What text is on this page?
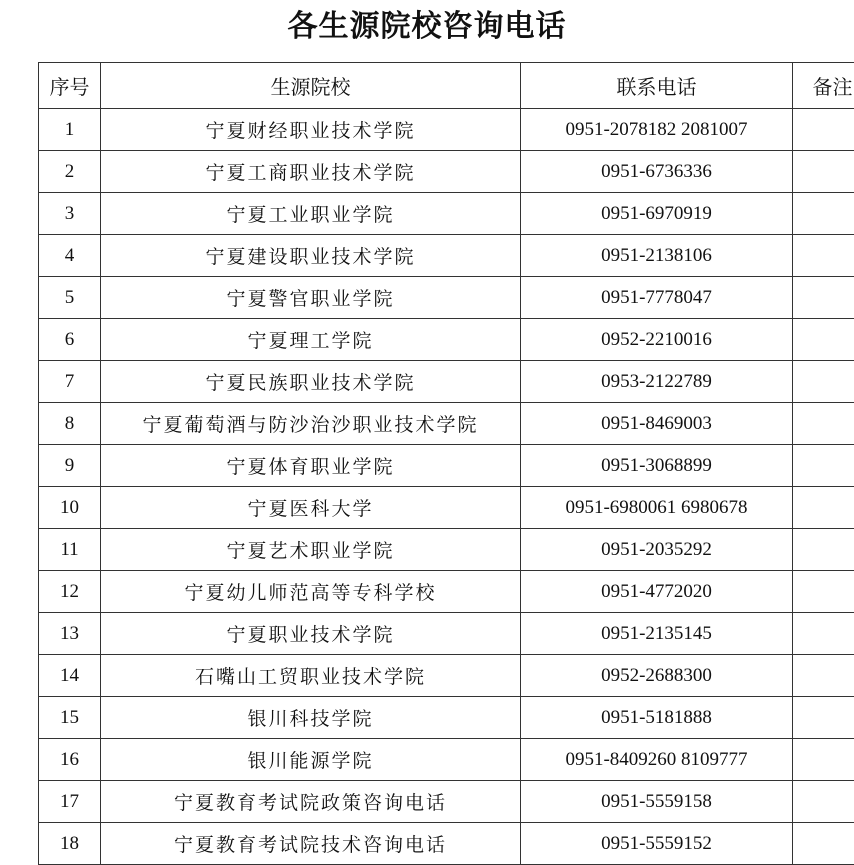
各生源院校咨询电话
序号	生源院校	联系电话	备注
1	宁夏财经职业技术学院	0951-2078182 2081007	
2	宁夏工商职业技术学院	0951-6736336	
3	宁夏工业职业学院	0951-6970919	
4	宁夏建设职业技术学院	0951-2138106	
5	宁夏警官职业学院	0951-7778047	
6	宁夏理工学院	0952-2210016	
7	宁夏民族职业技术学院	0953-2122789	
8	宁夏葡萄酒与防沙治沙职业技术学院	0951-8469003	
9	宁夏体育职业学院	0951-3068899	
10	宁夏医科大学	0951-6980061 6980678	
11	宁夏艺术职业学院	0951-2035292	
12	宁夏幼儿师范高等专科学校	0951-4772020	
13	宁夏职业技术学院	0951-2135145	
14	石嘴山工贸职业技术学院	0952-2688300	
15	银川科技学院	0951-5181888	
16	银川能源学院	0951-8409260 8109777	
17	宁夏教育考试院政策咨询电话	0951-5559158	
18	宁夏教育考试院技术咨询电话	0951-5559152	
